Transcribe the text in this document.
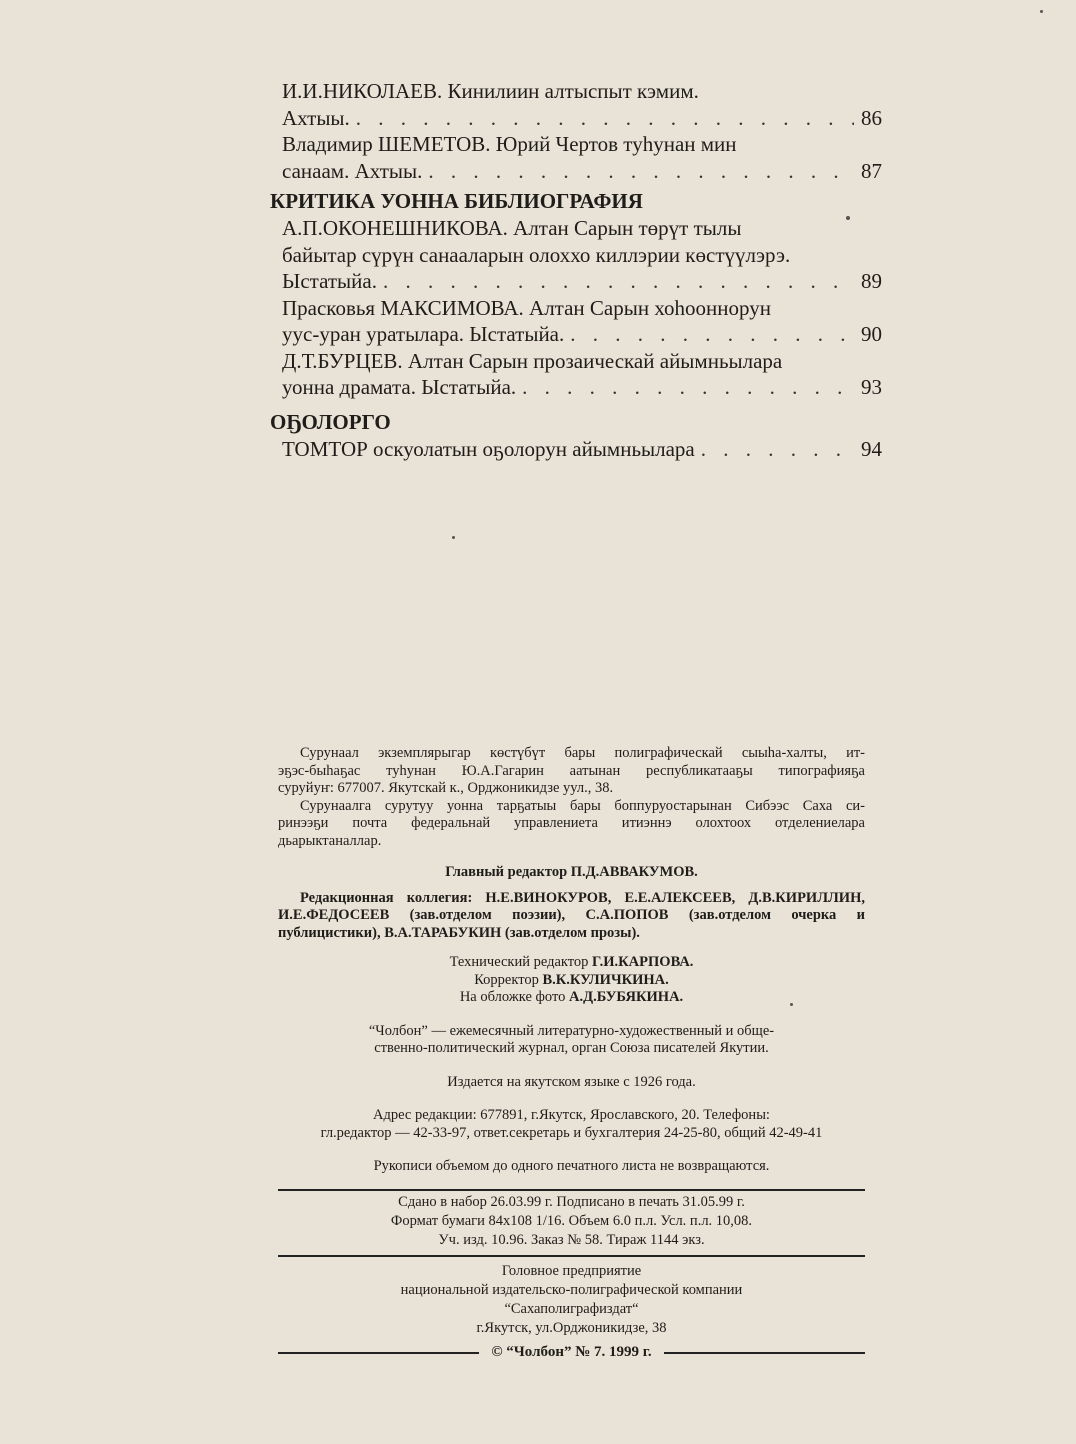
И.И.НИКОЛАЕВ. Кинилиин алтыспыт кэмим.
Ахтыы. . . .	86
Владимир ШЕМЕТОВ. Юрий Чертов туһунан мин
санаам. Ахтыы. . . .	87
КРИТИКА УОННА БИБЛИОГРАФИЯ
А.П.ОКОНЕШНИКОВА. Алтан Сарын төрүт тылы
байытар сүрүн санааларын олоххо киллэрии көстүүлэрэ.
Ыстатыйа. . . .	89
Прасковья МАКСИМОВА. Алтан Сарын хоһооннорун
уус-уран уратылара. Ыстатыйа. . . .	90
Д.Т.БУРЦЕВ. Алтан Сарын прозаическай айымньылара
уонна драмата. Ыстатыйа. . . .	93
ОҔОЛОРГО
ТОМТОР оскуолатын оҕолорун айымньылара . . .	94
Сурунаал экземплярыгар көстүбүт бары полиграфическай сыыһа-халты, ит-
эҕэс-быһаҕас туһунан Ю.А.Гагарин аатынан республикатааҕы типографияҕа
суруйуҥ: 677007. Якутскай к., Орджоникидзе уул., 38.
Сурунаалга сурутуу уонна тарҕатыы бары боппуруостарынан Сибээс Саха си-
ринээҕи почта федеральнай управлениета итиэннэ олохтоох отделениелара
дьарыктаналлар.
Главный редактор П.Д.АВВАКУМОВ.
Редакционная коллегия: Н.Е.ВИНОКУРОВ, Е.Е.АЛЕКСЕЕВ, Д.В.КИРИЛЛИН, И.Е.ФЕДОСЕЕВ (зав.отделом поэзии), С.А.ПОПОВ (зав.отделом очерка и публицистики), В.А.ТАРАБУКИН (зав.отделом прозы).
Технический редактор Г.И.КАРПОВА.
Корректор В.К.КУЛИЧКИНА.
На обложке фото А.Д.БУБЯКИНА.
“Чолбон” — ежемесячный литературно-художественный и обще-
ственно-политический журнал, орган Союза писателей Якутии.
Издается на якутском языке с 1926 года.
Адрес редакции: 677891, г.Якутск, Ярославского, 20. Телефоны:
гл.редактор — 42-33-97, ответ.секретарь и бухгалтерия 24-25-80, общий 42-49-41
Рукописи объемом до одного печатного листа не возвращаются.
Сдано в набор 26.03.99 г. Подписано в печать 31.05.99 г.
Формат бумаги 84x108 1/16. Объем 6.0 п.л. Усл. п.л. 10,08.
Уч. изд. 10.96. Заказ № 58. Тираж 1144 экз.
Головное предприятие
национальной издательско-полиграфической компании
“Сахаполиграфиздат“
г.Якутск, ул.Орджоникидзе, 38
© “Чолбон” № 7. 1999 г.
